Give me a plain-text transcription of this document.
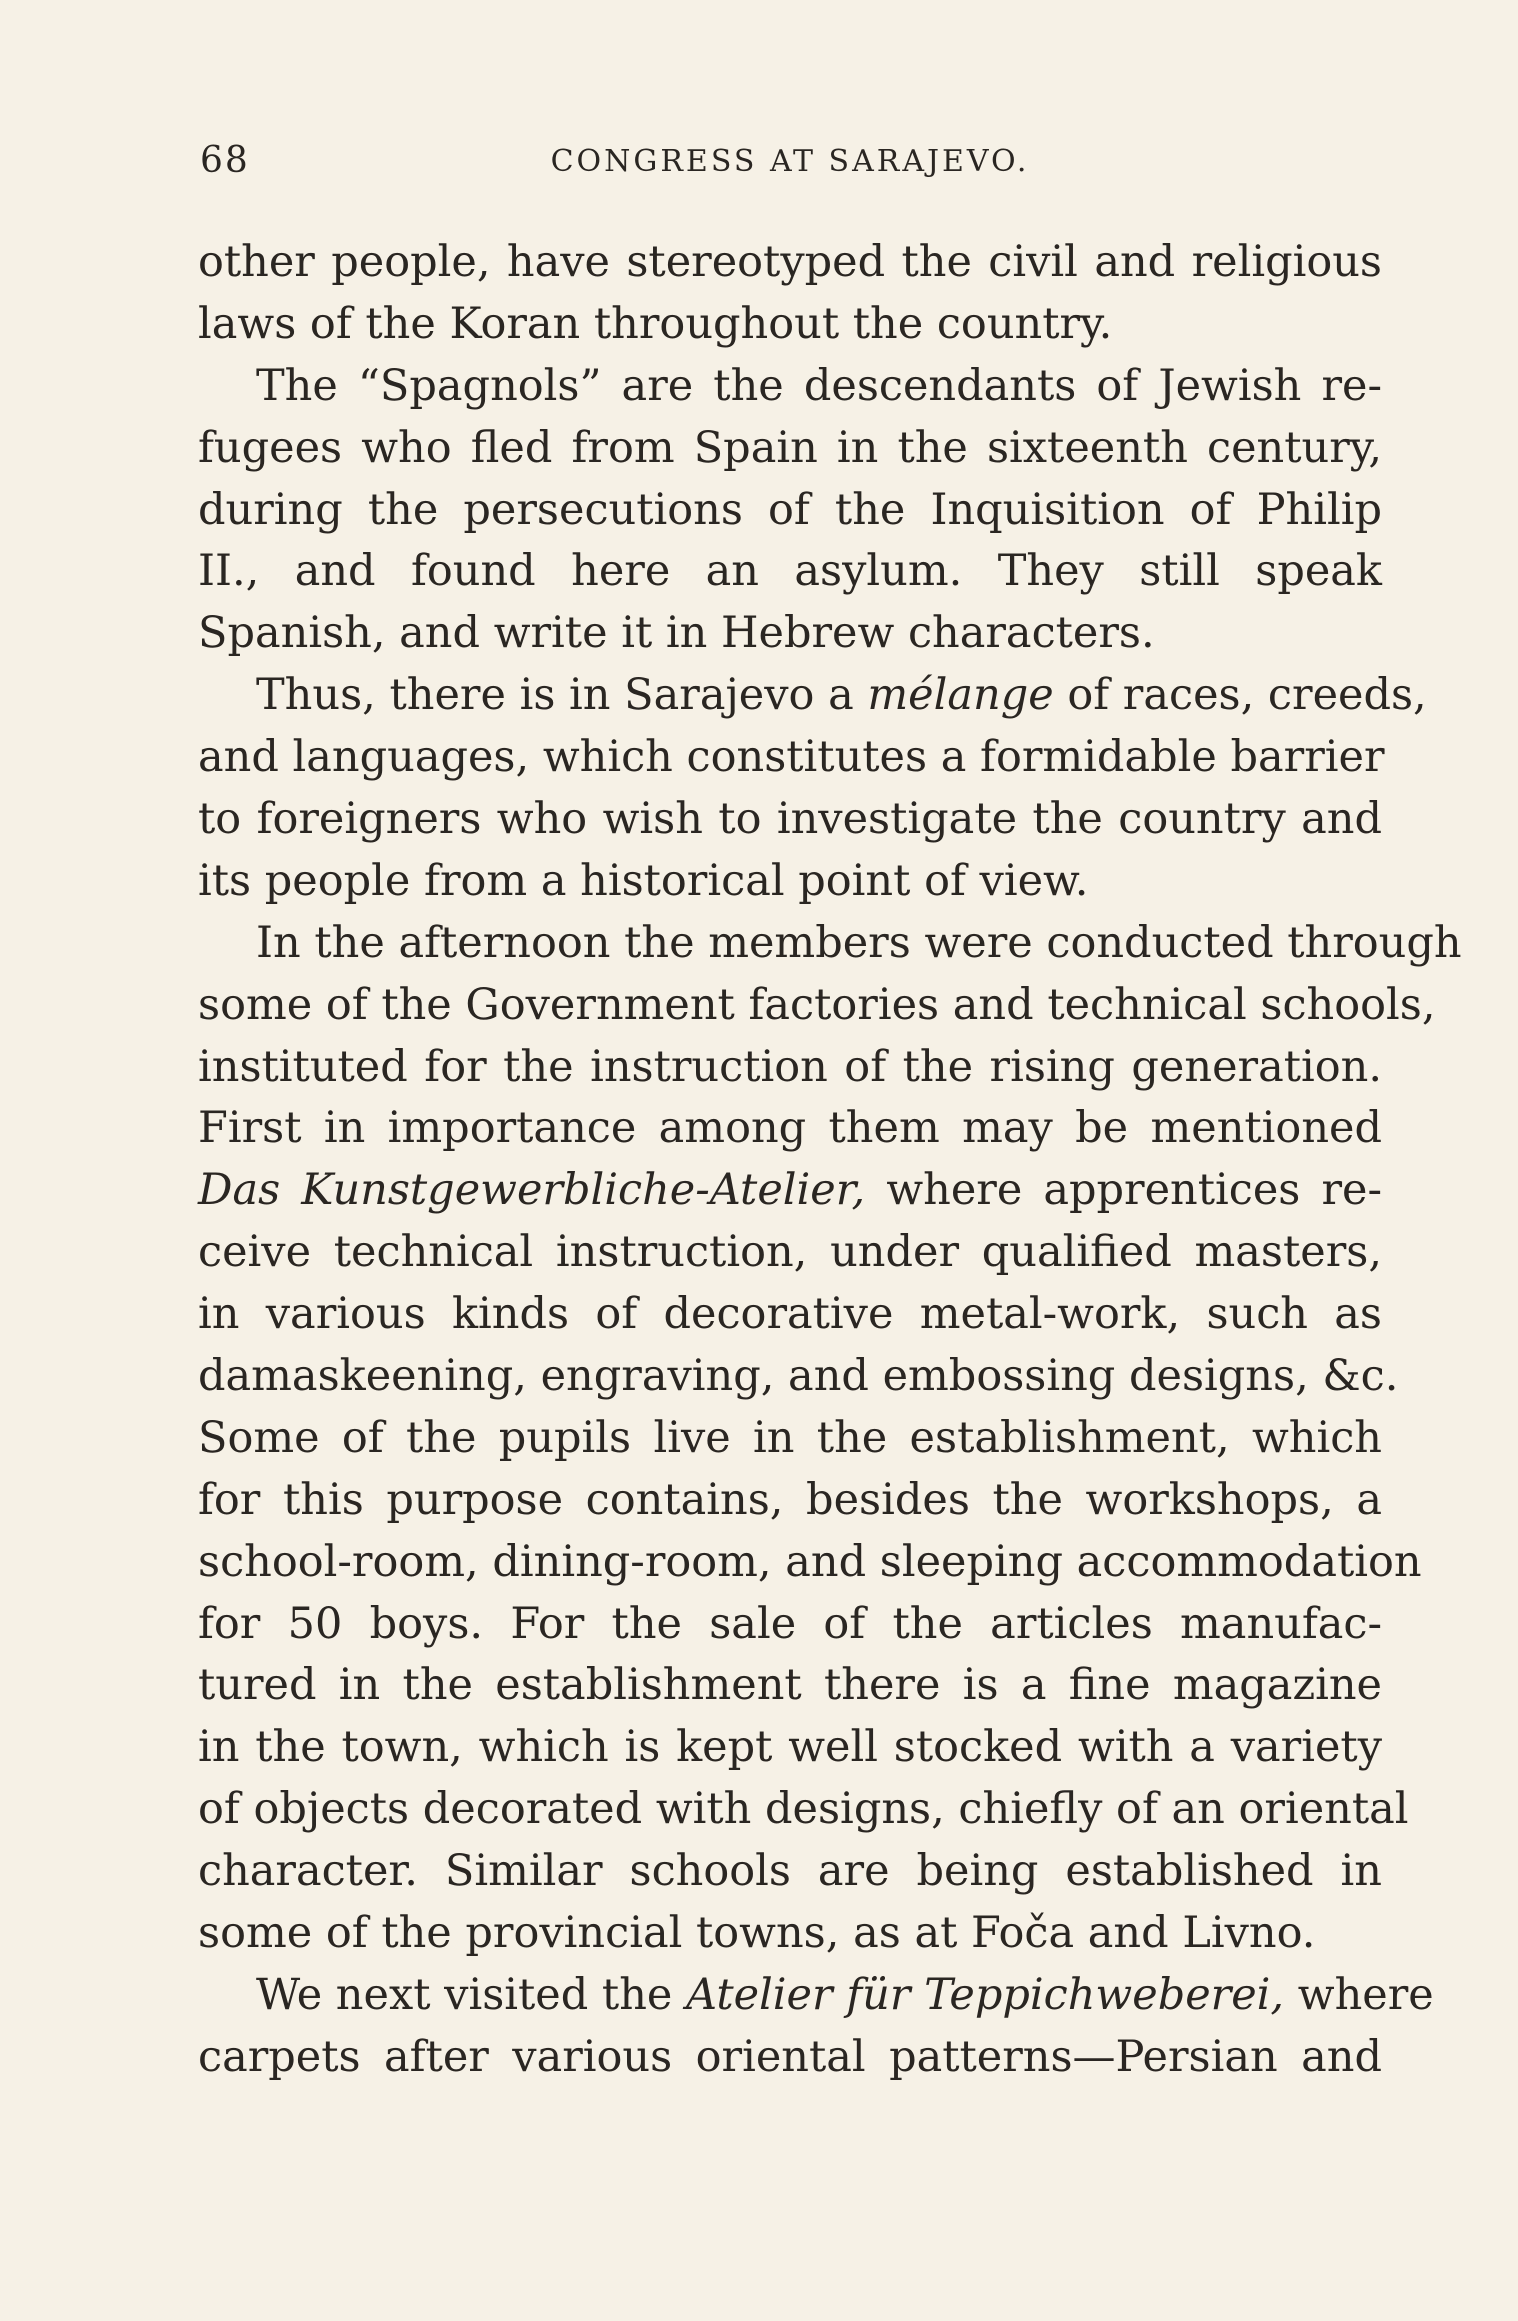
68	CONGRESS AT SARAJEVO.
other people, have stereotyped the civil and religious
laws of the Koran throughout the country.
The “Spagnols” are the descendants of Jewish re-
fugees who fled from Spain in the sixteenth century,
during the persecutions of the Inquisition of Philip
II., and found here an asylum. They still speak
Spanish, and write it in Hebrew characters.
Thus, there is in Sarajevo a mélange of races, creeds,
and languages, which constitutes a formidable barrier
to foreigners who wish to investigate the country and
its people from a historical point of view.
In the afternoon the members were conducted through
some of the Government factories and technical schools,
instituted for the instruction of the rising generation.
First in importance among them may be mentioned
Das Kunstgewerbliche-Atelier, where apprentices re-
ceive technical instruction, under qualified masters,
in various kinds of decorative metal-work, such as
damaskeening, engraving, and embossing designs, &c.
Some of the pupils live in the establishment, which
for this purpose contains, besides the workshops, a
school-room, dining-room, and sleeping accommodation
for 50 boys. For the sale of the articles manufac-
tured in the establishment there is a fine magazine
in the town, which is kept well stocked with a variety
of objects decorated with designs, chiefly of an oriental
character. Similar schools are being established in
some of the provincial towns, as at Foča and Livno.
We next visited the Atelier für Teppichweberei, where
carpets after various oriental patterns—Persian and
